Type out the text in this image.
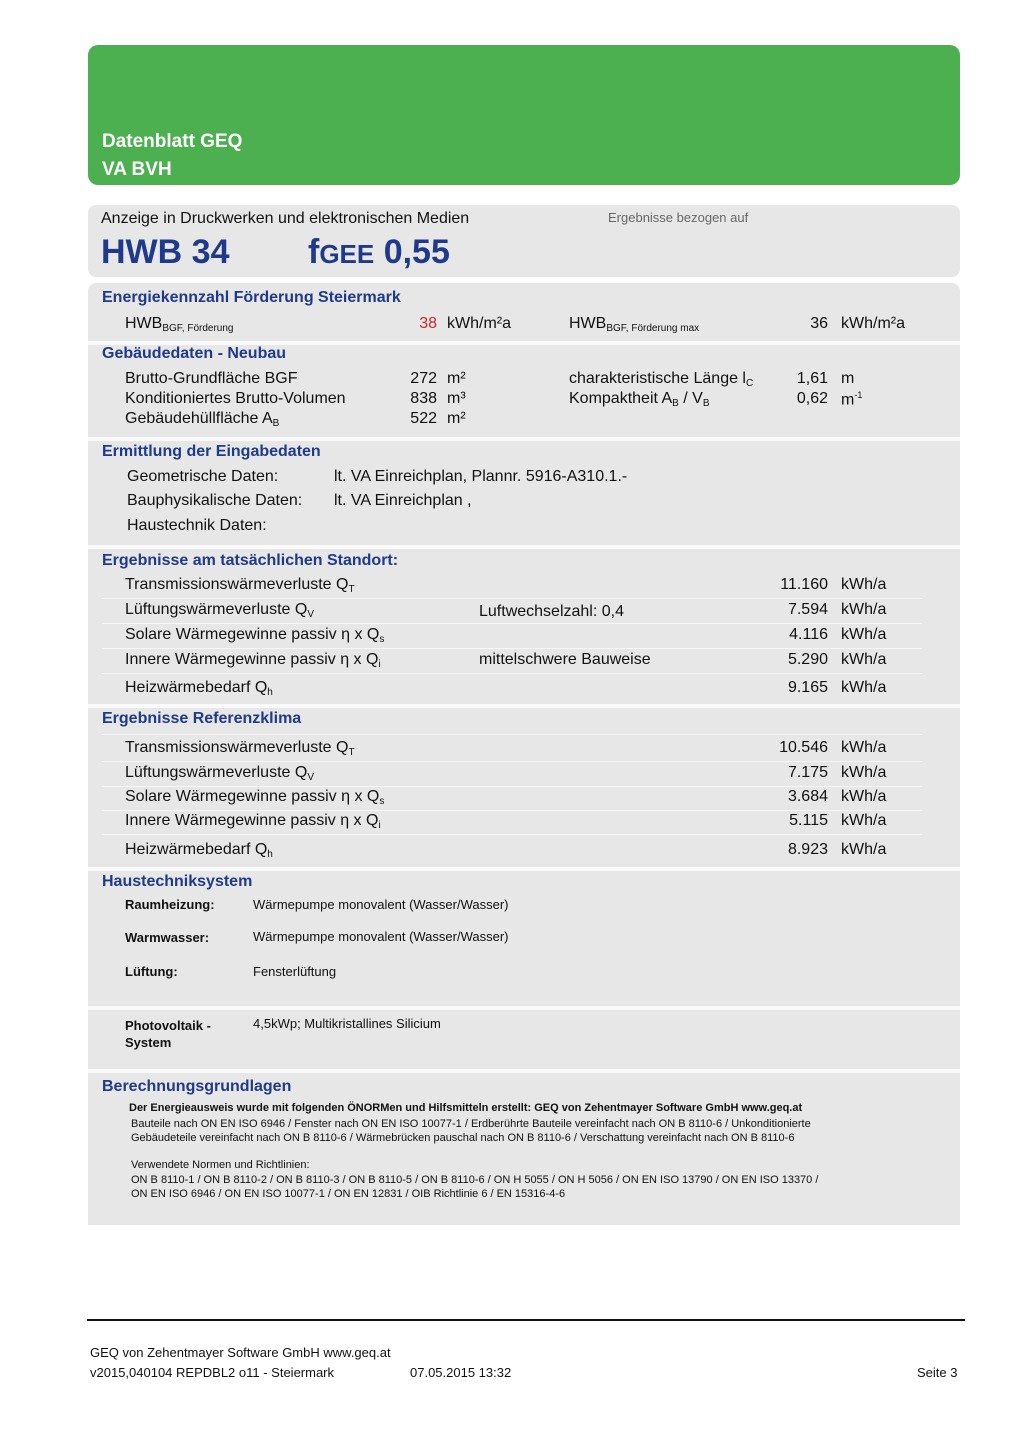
Datenblatt GEQ
VA BVH
Anzeige in Druckwerken und elektronischen Medien	Ergebnisse bezogen auf
HWB 34 fGEE 0,55
Energiekennzahl Förderung Steiermark
$HWB_{BGF, Förderung}$	38 kWh/m²a	$HWB_{BGF, Förderung max}$	36 kWh/m²a
Gebäudedaten - Neubau
Brutto-Grundfläche BGF	272 m²
Konditioniertes Brutto-Volumen	838 m³
Gebäudehüllfläche $A_B$	522 m²
charakteristische Länge $l_C$	1,61 m
Kompaktheit $A_B / V_B$	0,62 $m^{-1}$
Ermittlung der Eingabedaten
Geometrische Daten:	lt. VA Einreichplan, Plannr. 5916-A310.1.-
Bauphysikalische Daten: lt. VA Einreichplan ,
Haustechnik Daten:
Ergebnisse am tatsächlichen Standort:
Transmissionswärmeverluste $Q_T$	11.160 kWh/a
Lüftungswärmeverluste $Q_V$	Luftwechselzahl: 0,4	7.594 kWh/a
Solare Wärmegewinne passiv η x $Q_s$	4.116 kWh/a
Innere Wärmegewinne passiv η x $Q_i$	mittelschwere Bauweise	5.290 kWh/a
Heizwärmebedarf $Q_h$	9.165 kWh/a
Ergebnisse Referenzklima
Transmissionswärmeverluste $Q_T$	10.546 kWh/a
Lüftungswärmeverluste $Q_V$	7.175 kWh/a
Solare Wärmegewinne passiv η x $Q_s$	3.684 kWh/a
Innere Wärmegewinne passiv η x $Q_i$	5.115 kWh/a
Heizwärmebedarf $Q_h$	8.923 kWh/a
Haustechniksystem
Raumheizung:	Wärmepumpe monovalent (Wasser/Wasser)
Warmwasser:	Wärmepumpe monovalent (Wasser/Wasser)
Lüftung:	Fensterlüftung
Photovoltaik -
System
4,5kWp; Multikristallines Silicium
Berechnungsgrundlagen
Der Energieausweis wurde mit folgenden ÖNORMen und Hilfsmitteln erstellt: GEQ von Zehentmayer Software GmbH www.geq.at
Bauteile nach ON EN ISO 6946 / Fenster nach ON EN ISO 10077-1 / Erdberührte Bauteile vereinfacht nach ON B 8110-6 / Unkonditionierte
Gebäudeteile vereinfacht nach ON B 8110-6 / Wärmebrücken pauschal nach ON B 8110-6 / Verschattung vereinfacht nach ON B 8110-6
Verwendete Normen und Richtlinien:
ON B 8110-1 / ON B 8110-2 / ON B 8110-3 / ON B 8110-5 / ON B 8110-6 / ON H 5055 / ON H 5056 / ON EN ISO 13790 / ON EN ISO 13370 /
ON EN ISO 6946 / ON EN ISO 10077-1 / ON EN 12831 / OIB Richtlinie 6 / EN 15316-4-6
GEQ von Zehentmayer Software GmbH www.geq.at
v2015,040104 REPDBL2 o11 - Steiermark	07.05.2015 13:32	Seite 3
